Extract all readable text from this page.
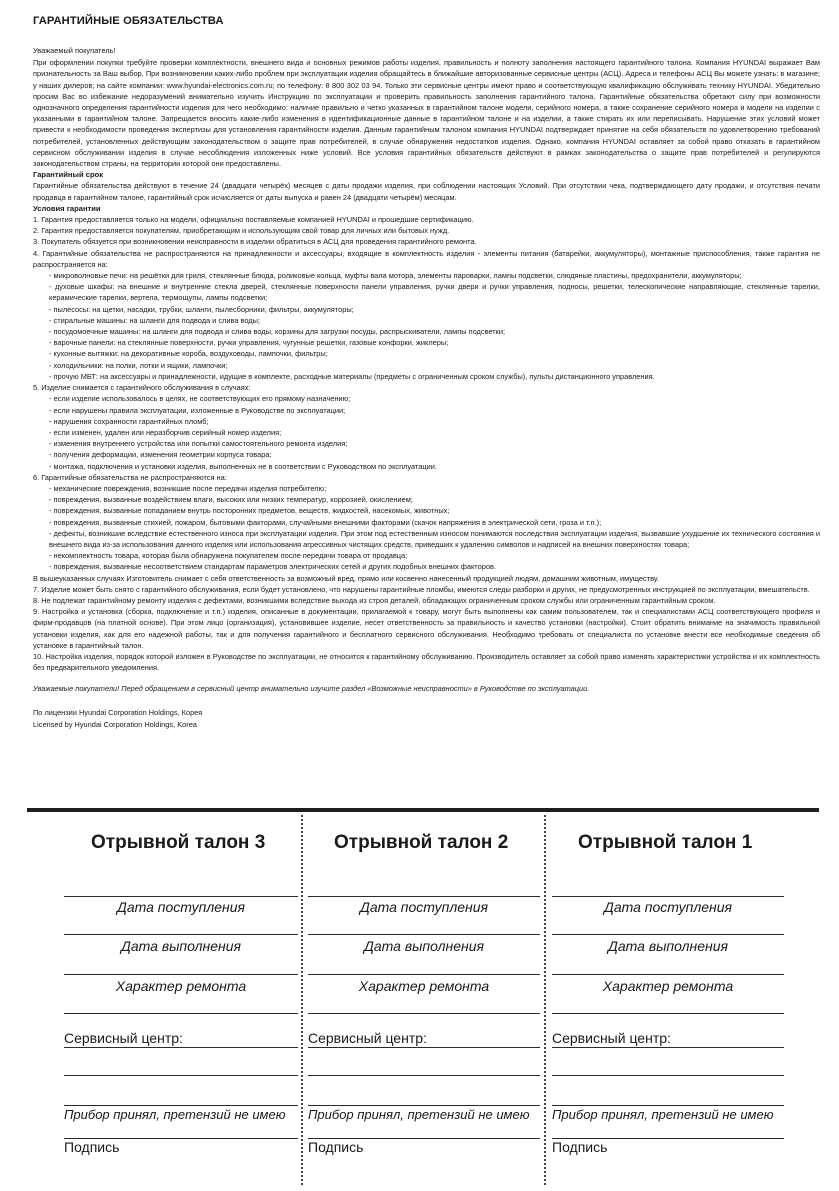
ГАРАНТИЙНЫЕ ОБЯЗАТЕЛЬСТВА

Уважаемый покупатель!

При оформлении покупки требуйте проверки комплектности, внешнего вида и основных режимов работы изделия, правильность и полноту заполнения настоящего гарантийного талона. Компания HYUNDAI выражает Вам признательность за Ваш выбор. При возникновении каких-либо проблем при эксплуатации изделия обращайтесь в ближайшие авторизованные сервисные центры (АСЦ). Адреса и телефоны АСЦ Вы можете узнать: в магазине; у наших дилеров; на сайте компании: www.hyundai-electronics.com.ru; по телефону: 8 800 302 03 94. Только эти сервисные центры имеют право и соответствующую квалификацию обслуживать технику HYUNDAI. Убедительно просим Вас во избежание недоразумений внимательно изучить Инструкцию по эксплуатации и проверить правильность заполнения гарантийного талона. Гарантийные обязательства обретают силу при возможности однозначного определения гарантийности изделия для чего необходимо: наличие правильно и четко указанных в гарантийном талоне модели, серийного номера, а также сохранение серийного номера и модели на изделии с указанными в гарантийном талоне. Запрещается вносить какие-либо изменения в идентификационные данные в гарантийном талоне и на изделии, а также стирать их или переписывать. Нарушение этих условий может привести к необходимости проведения экспертизы для установления гарантийности изделия. Данным гарантийным талоном компания HYUNDAI подтверждает принятие на себя обязательств по удовлетворению требований потребителей, установленных действующим законодательством о защите прав потребителей, в случае обнаружения недостатков изделия. Однако, компания HYUNDAI оставляет за собой право отказать в гарантийном сервисном обслуживании изделия в случае несоблюдения изложенных ниже условий. Все условия гарантийных обязательств действуют в рамках законодательства о защите прав потребителей и регулируются законодательством страны, на территории которой они предоставлены.

Гарантийный срок

Гарантийные обязательства действуют в течение 24 (двадцати четырёх) месяцев с даты продажи изделия, при соблюдении настоящих Условий. При отсутствии чека, подтверждающего дату продажи, и отсутствия печати продавца в гарантийном талоне, гарантийный срок исчисляется от даты выпуска и равен 24 (двадцати четырём) месяцам.

Условия гарантии

1. Гарантия предоставляется только на модели, официально поставляемые компанией HYUNDAI и прошедшие сертификацию.

2. Гарантия предоставляется покупателям, приобретающим и использующим свой товар для личных или бытовых нужд.

3. Покупатель обязуется при возникновении неисправности в изделии обратиться в АСЦ для проведения гарантийного ремонта.

4. Гарантийные обязательства не распространяются на принадлежности и аксессуары, входящие в комплектность изделия - элементы питания (батарейки, аккумуляторы), монтажные приспособления, также гарантия не распространяется на:

- микроволновые печи: на решётки для гриля, стеклянные блюда, роликовые кольца, муфты вала мотора, элементы пароварки, лампы подсветки, слюдяные пластины, предохранители, аккумуляторы;

- духовые шкафы: на внешние и внутренние стекла дверей, стеклянные поверхности панели управления, ручки двери и ручки управления, подносы, решетки, телескопические направляющие, стеклянные тарелки, керамические тарелки, вертела, термощупы, лампы подсветки;

- пылесосы: на щетки, насадки, трубки, шланги, пылесборники, фильтры, аккумуляторы;

- стиральные машины: на шланги для подвода и слива воды;

- посудомоечные машины: на шланги для подвода и слива воды, корзины для загрузки посуды, распрыскиватели, лампы подсветки;

- варочные панели: на стеклянные поверхности, ручки управления, чугунные решетки, газовые конфорки, жиклеры;

- кухонные вытяжки: на декоративные короба, воздуховоды, лампочки, фильтры;

- холодильники: на полки, лотки и ящики, лампочки;

- прочую МБТ: на аксессуары и принадлежности, идущие в комплекте, расходные материалы (предметы с ограниченным сроком службы), пульты дистанционного управления.

5. Изделие снимается с гарантийного обслуживания в случаях:

- если изделие использовалось в целях, не соответствующих его прямому назначению;

- если нарушены правила эксплуатации, изложенные в Руководстве по эксплуатации;

- нарушения сохранности гарантийных пломб;

- если изменен, удален или неразборчив серийный номер изделия;

- изменения внутреннего устройства или попытки самостоятельного ремонта изделия;

- получения деформации, изменения геометрии корпуса товара;

- монтажа, подключения и установки изделия, выполненных не в соответствии с Руководством по эксплуатации.

6. Гарантийные обязательства не распространяются на:

- механические повреждения, возникшие после передачи изделия потребителю;

- повреждения, вызванные воздействием влаги, высоких или низких температур, коррозией, окислением;

- повреждения, вызванные попаданием внутрь посторонних предметов, веществ, жидкостей, насекомых, животных;

- повреждения, вызванные стихией, пожаром, бытовыми факторами, случайными внешними факторами (скачок напряжения в электрической сети, гроза и т.п.);

- дефекты, возникшие вследствие естественного износа при эксплуатации изделия. При этом под естественным износом понимаются последствия эксплуатации изделия, вызвавшие ухудшение их технического состояния и внешнего вида из-за использования данного изделия или использования агрессивных чистящих средств, приведших к удалению символов и надписей на внешних поверхностях товара;

- некомплектность товара, которая была обнаружена покупателем после передачи товара от продавца;

- повреждения, вызванные несоответствием стандартам параметров электрических сетей и других подобных внешних факторов.

В вышеуказанных случаях Изготовитель снимает с себя ответственность за возможный вред, прямо или косвенно нанесенный продукцией людям, домашним животным, имуществу.

7. Изделие может быть снято с гарантийного обслуживания, если будет установлено, что нарушены гарантийные пломбы, имеются следы разборки и других, не предусмотренных инструкцией по эксплуатации, вмешательств.

8. Не подлежат гарантийному ремонту изделия с дефектами, возникшими вследствие выхода из строя деталей, обладающих ограниченным сроком службы или ограниченным гарантийным сроком.

9. Настройка и установка (сборка, подключение и т.п.) изделия, описанные в документации, прилагаемой к товару, могут быть выполнены как самим пользователем, так и специалистами АСЦ соответствующего профиля и фирм-продавцов (на платной основе). При этом лицо (организация), установившее изделие, несет ответственность за правильность и качество установки (настройки). Стоит обратить внимание на значимость правильной установки изделия, как для его надежной работы, так и для получения гарантийного и бесплатного сервисного обслуживания. Необходимо требовать от специалиста по установке внести все необходимые сведения об установке в гарантийный талон.

10. Настройка изделия, порядок которой изложен в Руководстве по эксплуатации, не относится к гарантийному обслуживанию. Производитель оставляет за собой право изменять характеристики устройства и их комплектность без предварительного уведомления.

Уважаемые покупатели! Перед обращением в сервисный центр внимательно изучите раздел «Возможные неисправности» в Руководстве по эксплуатации.

По лицензии Hyundai Corporation Holdings, Корея
Licensed by Hyundai Corporation Holdings, Korea
Отрывной талон 3
Дата поступления
Дата выполнения
Характер ремонта
Сервисный центр:
Прибор принял, претензий не имею
Подпись
Отрывной талон 2
Дата поступления
Дата выполнения
Характер ремонта
Сервисный центр:
Прибор принял, претензий не имею
Подпись
Отрывной талон 1
Дата поступления
Дата выполнения
Характер ремонта
Сервисный центр:
Прибор принял, претензий не имею
Подпись
